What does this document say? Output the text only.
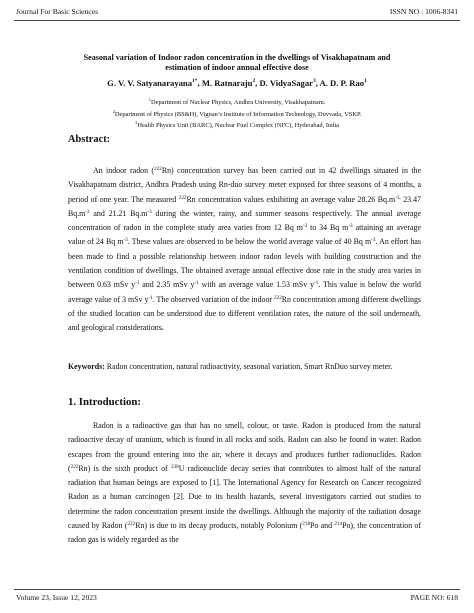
Journal For Basic Sciences	ISSN NO : 1006-8341
Seasonal variation of Indoor radon concentration in the dwellings of Visakhapatnam and
estimation of indoor annual effective dose
G. V. V. Satyanarayana$^{1*}$, M. Ratnaraju$^2$, D. VidyaSagar$^3$, A. D. P. Rao$^1$
$^1$Department of Nuclear Physics, Andhra University, Visakhapatnam.
$^2$Department of Physics (BS&H), Vignan’s Institute of Information Technology, Duvvada, VSKP.
$^3$Health Physics Unit (BARC), Nuclear Fuel Complex (NFC), Hyderabad, India
Abstract:

An indoor radon ($^{222}$Rn) concentration survey has been carried out in 42 dwellings situated in the Visakhapatnam district, Andhra Pradesh using Rn-duo survey meter exposed for three seasons of 4 months, a period of one year. The measured $^{222}$Rn concentration values exhibiting an average value 28.26 $Bq.m^{-3,}$ 23.47 $Bq.m^{-3}$ and 21.21 $Bq.m^{-3}$ during the winter, rainy, and summer seasons respectively. The annual average concentration of radon in the complete study area varies from 12 Bq $m^{-3}$ to 34 Bq $m^{-3}$ attaining an average value of 24 Bq $m^{-3}$. These values are observed to be below the world average value of 40 Bq $m^{-3}$. An effort has been made to find a possible relationship between indoor radon levels with building construction and the ventilation condition of dwellings. The obtained average annual effective dose rate in the study area varies in between 0.63 mSv $y^{-1}$ and 2.35 mSv $y^{-1}$ with an average value 1.53 mSv $y^{-1}$. This value is below the world average value of 3 mSv $y^{-1}$. The observed variation of the indoor $^{222}$Rn concentration among different dwellings of the studied location can be understood due to different ventilation rates, the nature of the soil underneath, and geological considerations.

Keywords: Radon concentration, natural radioactivity, seasonal variation, Smart RnDuo survey meter.

1. Introduction:

Radon is a radioactive gas that has no smell, colour, or taste. Radon is produced from the natural radioactive decay of uranium, which is found in all rocks and soils. Radon can also be found in water. Radon escapes from the ground entering into the air, where it decays and produces further radionuclides. Radon ($^{222}$Rn) is the sixth product of $^{238}$U radionuclide decay series that contributes to almost half of the natural radiation that human beings are exposed to [1]. The International Agency for Research on Cancer recognized Radon as a human carcinogen [2]. Due to its health hazards, several investigators carried out studies to determine the radon concentration present inside the dwellings. Although the majority of the radiation dosage caused by Radon ($^{222}$Rn) is due to its decay products, notably Polonium ($^{218}$Po and $^{214}$Po), the concentration of radon gas is widely regarded as the

Volume 23, Issue 12, 2023	PAGE NO: 618
